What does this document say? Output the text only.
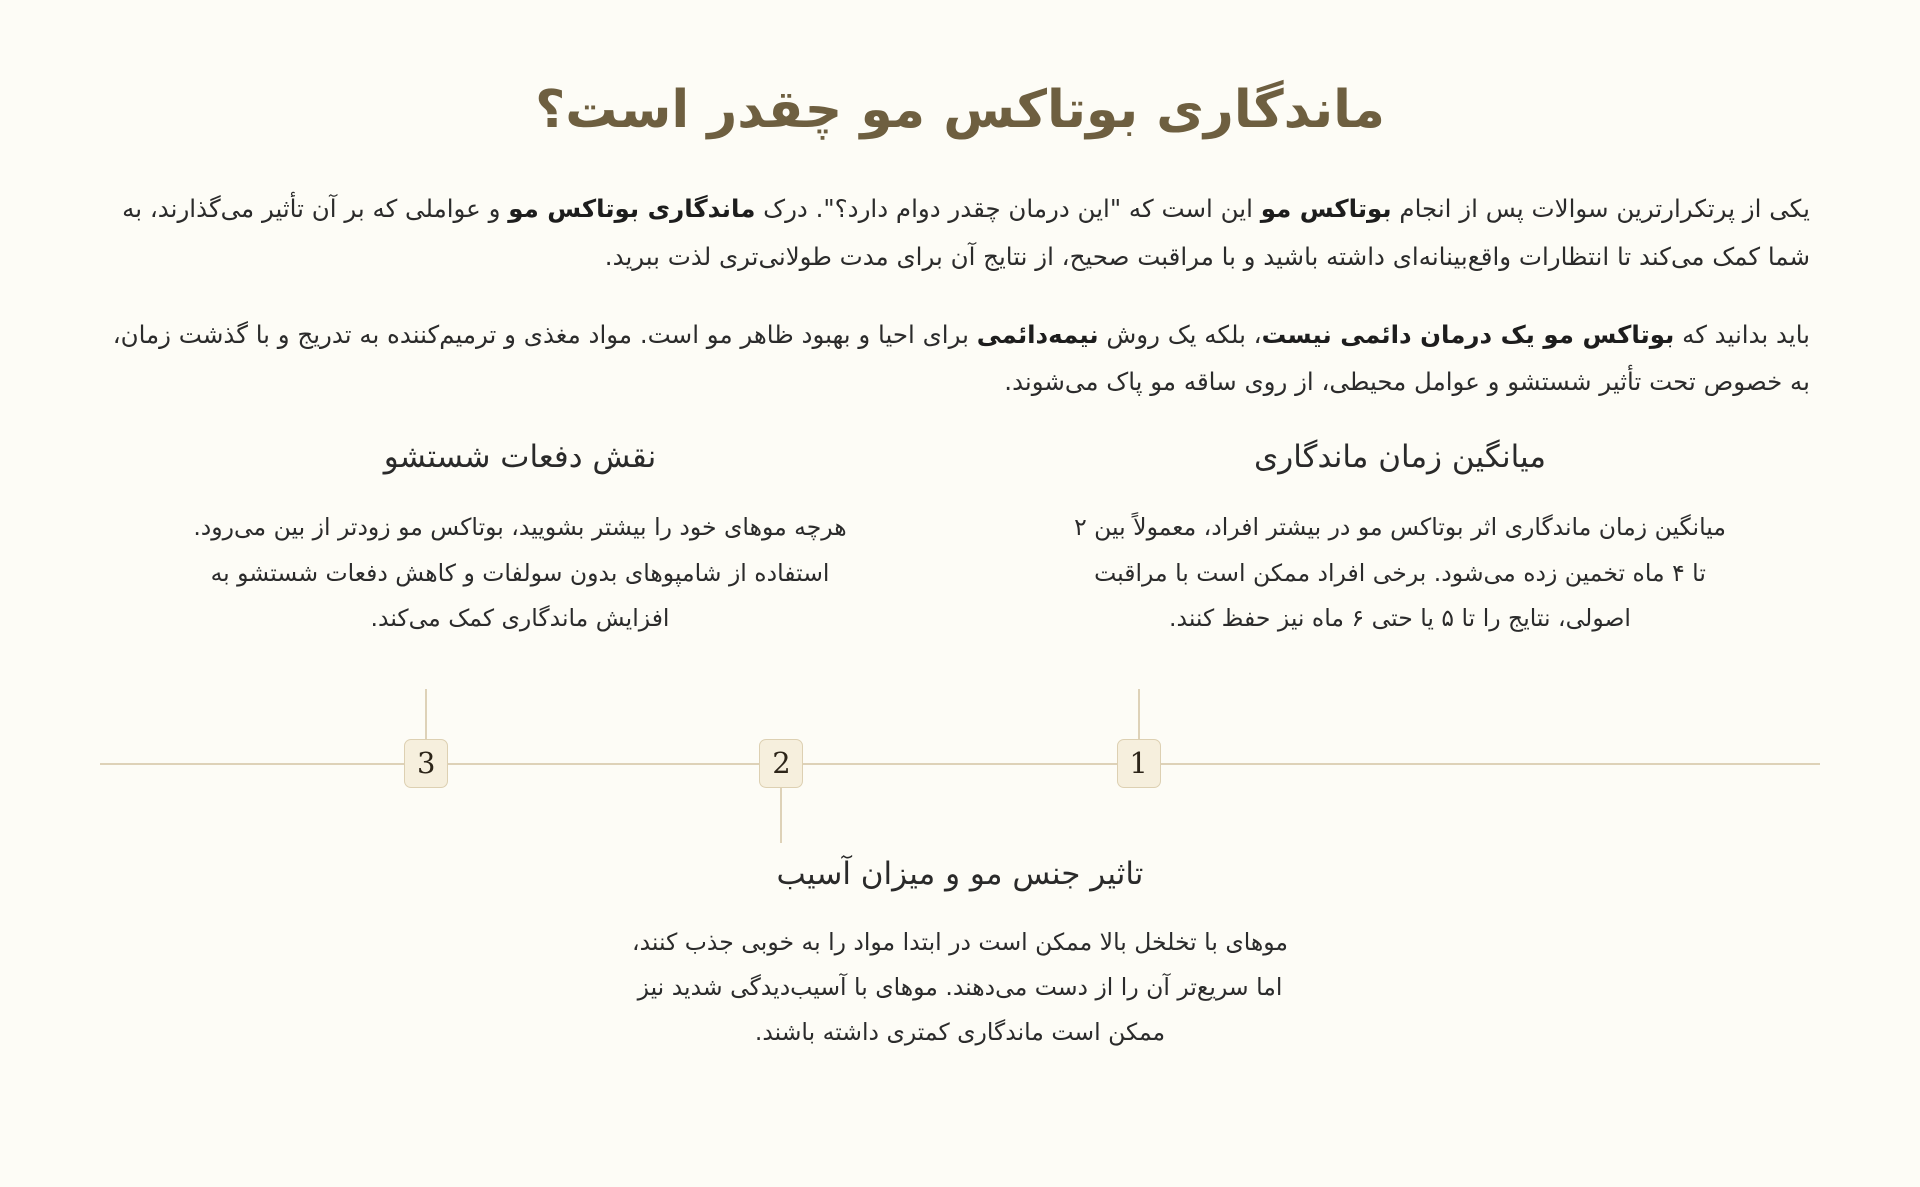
ماندگاری بوتاکس مو چقدر است؟

یکی از پرتکرارترین سوالات پس از انجام بوتاکس مو این است که "این درمان چقدر دوام دارد؟". درک ماندگاری بوتاکس مو و عواملی که بر آن تأثیر می‌گذارند، به شما کمک می‌کند تا انتظارات واقع‌بینانه‌ای داشته باشید و با مراقبت صحیح، از نتایج آن برای مدت طولانی‌تری لذت ببرید.

باید بدانید که بوتاکس مو یک درمان دائمی نیست، بلکه یک روش نیمه‌دائمی برای احیا و بهبود ظاهر مو است. مواد مغذی و ترمیم‌کننده به تدریج و با گذشت زمان، به خصوص تحت تأثیر شستشو و عوامل محیطی، از روی ساقه مو پاک می‌شوند.

میانگین زمان ماندگاری

میانگین زمان ماندگاری اثر بوتاکس مو در بیشتر افراد، معمولاً بین ۲ تا ۴ ماه تخمین زده می‌شود. برخی افراد ممکن است با مراقبت اصولی، نتایج را تا ۵ یا حتی ۶ ماه نیز حفظ کنند.

نقش دفعات شستشو

هرچه موهای خود را بیشتر بشویید، بوتاکس مو زودتر از بین می‌رود. استفاده از شامپوهای بدون سولفات و کاهش دفعات شستشو به افزایش ماندگاری کمک می‌کند.

1
2
3
تاثیر جنس مو و میزان آسیب

موهای با تخلخل بالا ممکن است در ابتدا مواد را به خوبی جذب کنند، اما سریع‌تر آن را از دست می‌دهند. موهای با آسیب‌دیدگی شدید نیز ممکن است ماندگاری کمتری داشته باشند.
